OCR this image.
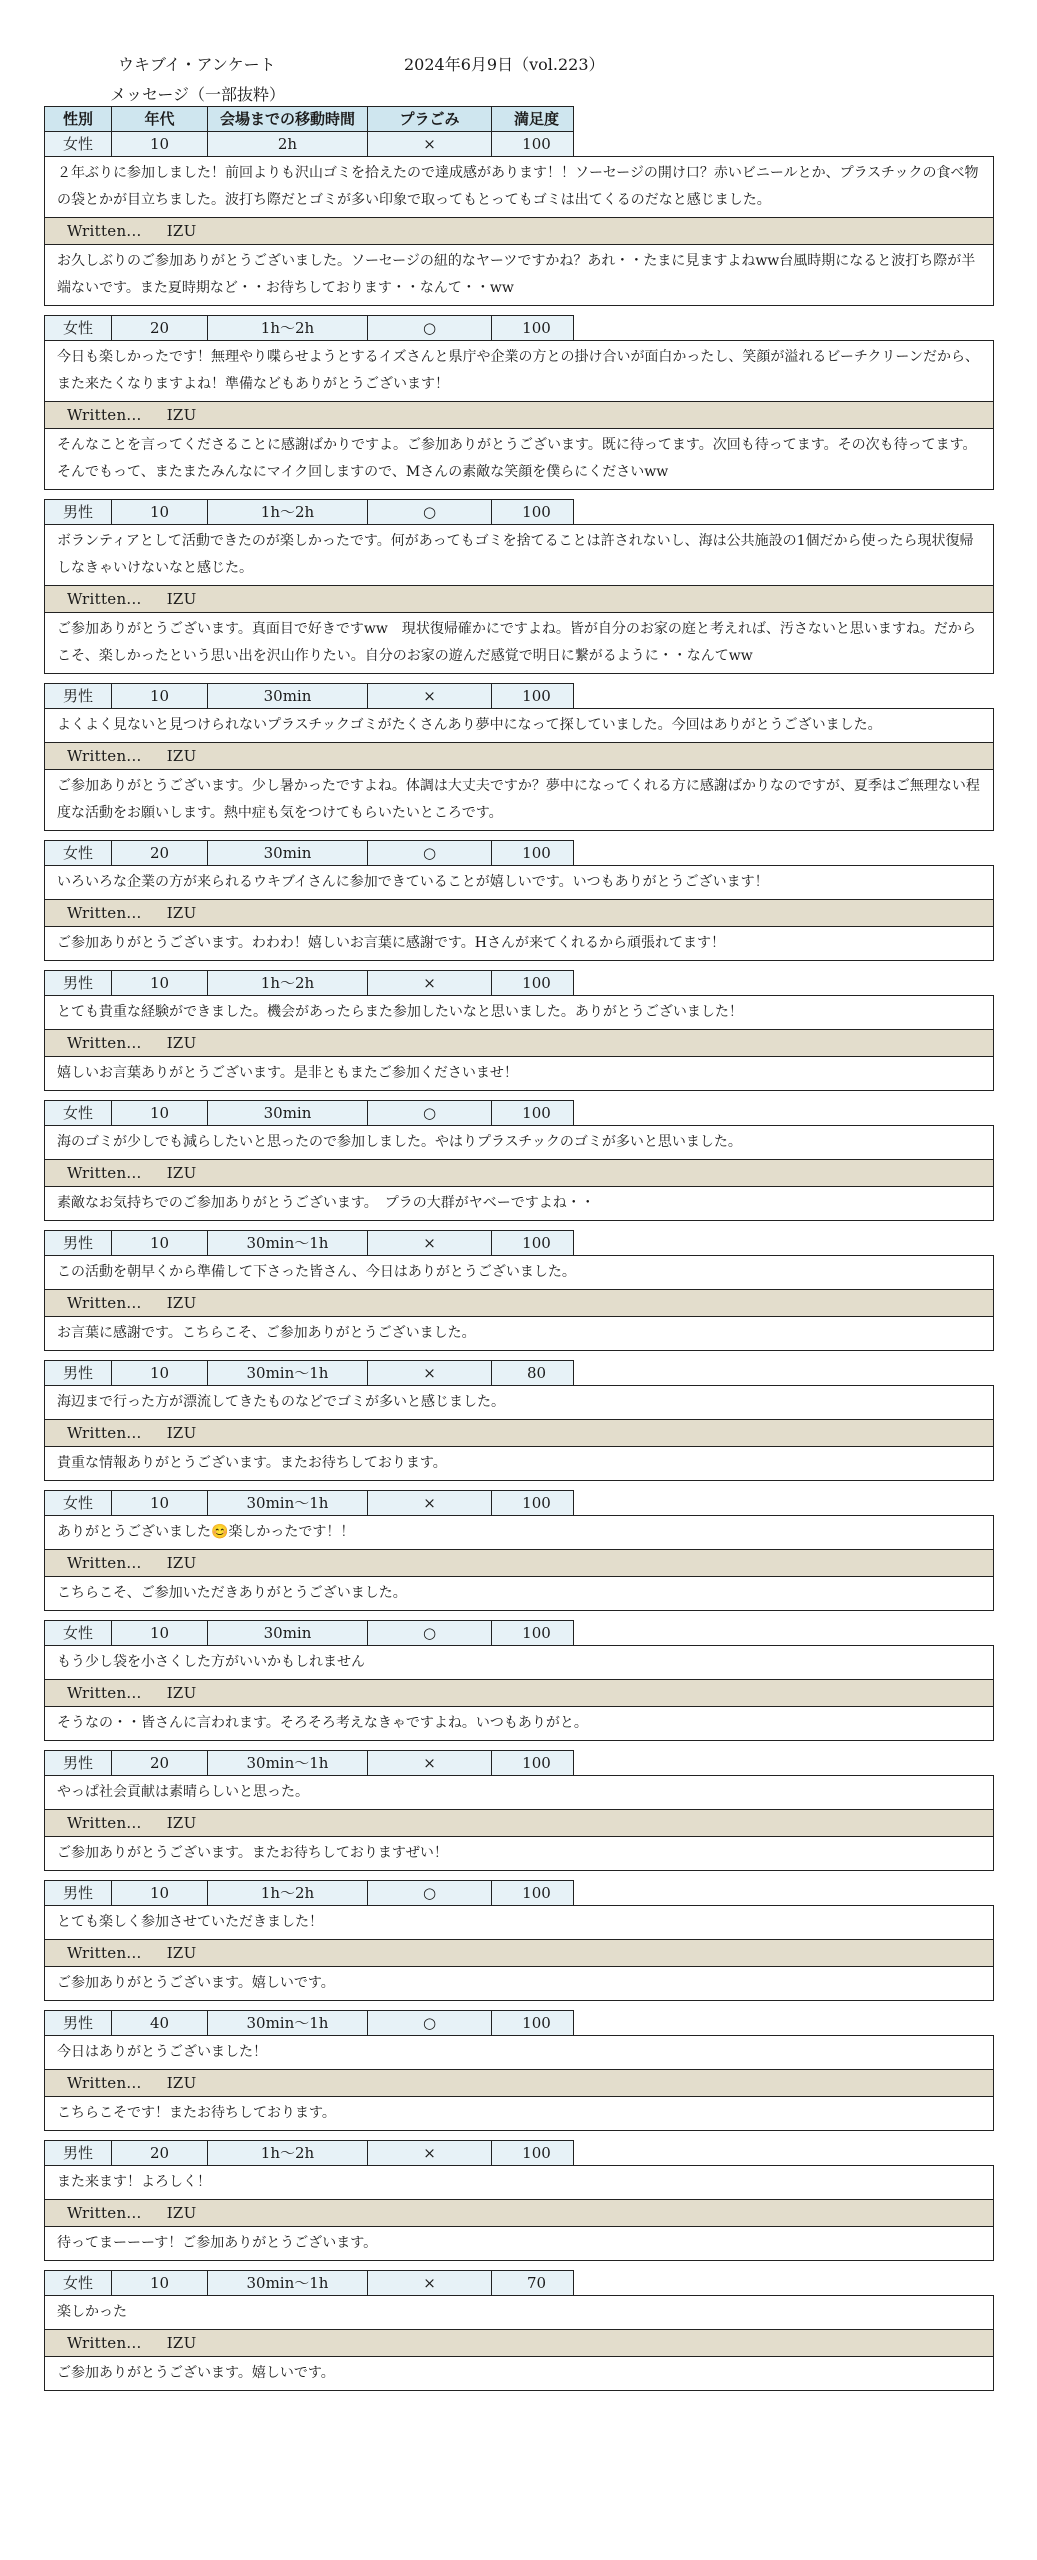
ウキブイ・アンケート	2024年6月9日（vol.223）
メッセージ（一部抜粋）
性別	年代	会場までの移動時間	プラごみ	満足度
女性	10	2h	×	100
２年ぶりに参加しました！前回よりも沢山ゴミを拾えたので達成感があります！！ソーセージの開け口？赤いビニールとか、プラスチックの食べ物の袋とかが目立ちました。波打ち際だとゴミが多い印象で取ってもとってもゴミは出てくるのだなと感じました。
Written... IZU
お久しぶりのご参加ありがとうございました。ソーセージの紐的なヤーツですかね？あれ・・たまに見ますよねww台風時期になると波打ち際が半端ないです。また夏時期など・・お待ちしております・・なんて・・ww
女性	20	1h〜2h	○	100
今日も楽しかったです！無理やり喋らせようとするイズさんと県庁や企業の方との掛け合いが面白かったし、笑顔が溢れるビーチクリーンだから、また来たくなりますよね！準備などもありがとうございます！
Written... IZU
そんなことを言ってくださることに感謝ばかりですよ。ご参加ありがとうございます。既に待ってます。次回も待ってます。その次も待ってます。そんでもって、またまたみんなにマイク回しますので、Mさんの素敵な笑顔を僕らにくださいww
男性	10	1h〜2h	○	100
ボランティアとして活動できたのが楽しかったです。何があってもゴミを捨てることは許されないし、海は公共施設の1個だから使ったら現状復帰しなきゃいけないなと感じた。
Written... IZU
ご参加ありがとうございます。真面目で好きですww　現状復帰確かにですよね。皆が自分のお家の庭と考えれば、汚さないと思いますね。だからこそ、楽しかったという思い出を沢山作りたい。自分のお家の遊んだ感覚で明日に繋がるように・・なんてww
男性	10	30min	×	100
よくよく見ないと見つけられないプラスチックゴミがたくさんあり夢中になって探していました。今回はありがとうございました。
Written... IZU
ご参加ありがとうございます。少し暑かったですよね。体調は大丈夫ですか？夢中になってくれる方に感謝ばかりなのですが、夏季はご無理ない程度な活動をお願いします。熱中症も気をつけてもらいたいところです。
女性	20	30min	○	100
いろいろな企業の方が来られるウキブイさんに参加できていることが嬉しいです。いつもありがとうございます！
Written... IZU
ご参加ありがとうございます。わわわ！嬉しいお言葉に感謝です。Hさんが来てくれるから頑張れてます！
男性	10	1h〜2h	×	100
とても貴重な経験ができました。機会があったらまた参加したいなと思いました。ありがとうございました！
Written... IZU
嬉しいお言葉ありがとうございます。是非ともまたご参加くださいませ！
女性	10	30min	○	100
海のゴミが少しでも減らしたいと思ったので参加しました。やはりプラスチックのゴミが多いと思いました。
Written... IZU
素敵なお気持ちでのご参加ありがとうございます。　プラの大群がヤベーですよね・・
男性	10	30min〜1h	×	100
この活動を朝早くから準備して下さった皆さん、今日はありがとうございました。
Written... IZU
お言葉に感謝です。こちらこそ、ご参加ありがとうございました。
男性	10	30min〜1h	×	80
海辺まで行った方が漂流してきたものなどでゴミが多いと感じました。
Written... IZU
貴重な情報ありがとうございます。またお待ちしております。
女性	10	30min〜1h	×	100
ありがとうございました😊楽しかったです！！
Written... IZU
こちらこそ、ご参加いただきありがとうございました。
女性	10	30min	○	100
もう少し袋を小さくした方がいいかもしれません
Written... IZU
そうなの・・皆さんに言われます。そろそろ考えなきゃですよね。いつもありがと。
男性	20	30min〜1h	×	100
やっぱ社会貢献は素晴らしいと思った。
Written... IZU
ご参加ありがとうございます。またお待ちしておりますぜい！
男性	10	1h〜2h	○	100
とても楽しく参加させていただきました！
Written... IZU
ご参加ありがとうございます。嬉しいです。
男性	40	30min〜1h	○	100
今日はありがとうございました！
Written... IZU
こちらこそです！またお待ちしております。
男性	20	1h〜2h	×	100
また来ます！よろしく！
Written... IZU
待ってまーーーす！ご参加ありがとうございます。
女性	10	30min〜1h	×	70
楽しかった
Written... IZU
ご参加ありがとうございます。嬉しいです。
